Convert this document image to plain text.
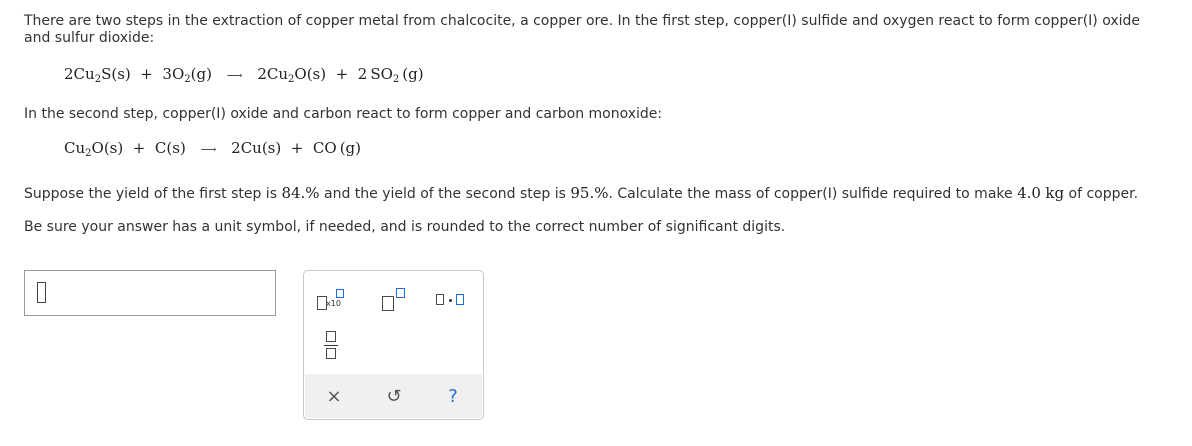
There are two steps in the extraction of copper metal from chalcocite, a copper ore. In the first step, copper(I) sulfide and oxygen react to form copper(I) oxide and sulfur dioxide:
$2Cu_2S(s) + 3O_2(g)$ ⟶ $2Cu_2O(s) + 2$  $SO_2$  (g)
In the second step, copper(I) oxide and carbon react to form copper and carbon monoxide:
$Cu_2O(s) + C(s)$ ⟶ 2Cu(s) + CO  (g)
Suppose the yield of the first step is 84.% and the yield of the second step is 95.%. Calculate the mass of copper(I) sulfide required to make 4.0 kg of copper.
Be sure your answer has a unit symbol, if needed, and is rounded to the correct number of significant digits.
x10
× ↺	?
